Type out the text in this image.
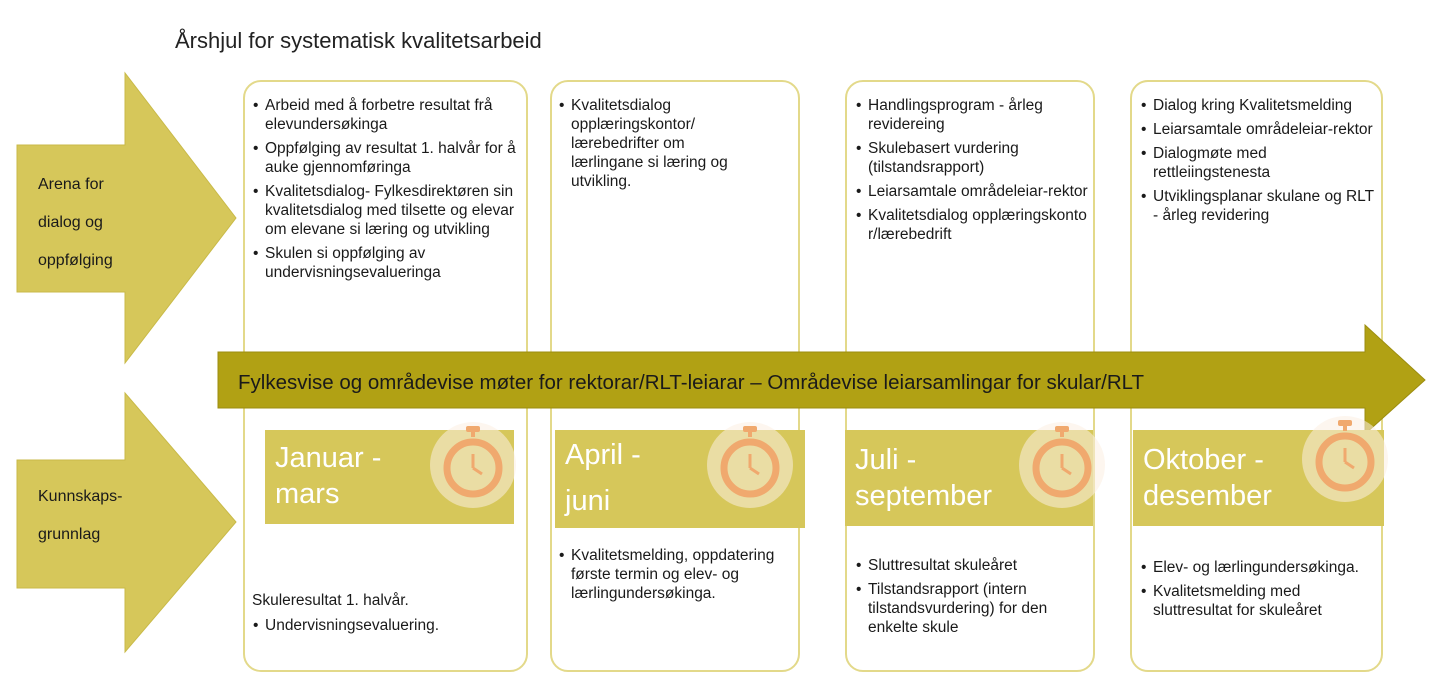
Årshjul for systematisk kvalitetsarbeid
Fylkesvise og områdevise møter for rektorar/RLT-leiarar – Områdevise leiarsamlingar for skular/RLT
Arena for
dialog og
oppfølging
Kunnskaps-
grunnlag
• Arbeid med å forbetre resultat frå elevundersøkinga
• Oppfølging av resultat 1. halvår for å auke gjennomføringa
• Kvalitetsdialog- Fylkesdirektøren sin kvalitetsdialog med tilsette og elevar om elevane si læring og utvikling
• Skulen si oppfølging av undervisningsevalueringa
Januar -
mars
Skuleresultat 1. halvår.
• Undervisningsevaluering.
• Kvalitetsdialog opplæringskontor/ lærebedrifter om lærlingane si læring og utvikling.
April -
juni
• Kvalitetsmelding, oppdatering første termin og elev- og lærlingundersøkinga.
• Handlingsprogram - årleg revidereing
• Skulebasert vurdering (tilstandsrapport)
• Leiarsamtale områdeleiar-rektor
• Kvalitetsdialog opplæringskontor/lærebedrift
Juli -
september
• Sluttresultat skuleåret
• Tilstandsrapport (intern tilstandsvurdering) for den enkelte skule
• Dialog kring Kvalitetsmelding
• Leiarsamtale områdeleiar-rektor
• Dialogmøte med rettleiingstenesta
• Utviklingsplanar skulane og RLT - årleg revidering
Oktober -
desember
• Elev- og lærlingundersøkinga.
• Kvalitetsmelding med sluttresultat for skuleåret
